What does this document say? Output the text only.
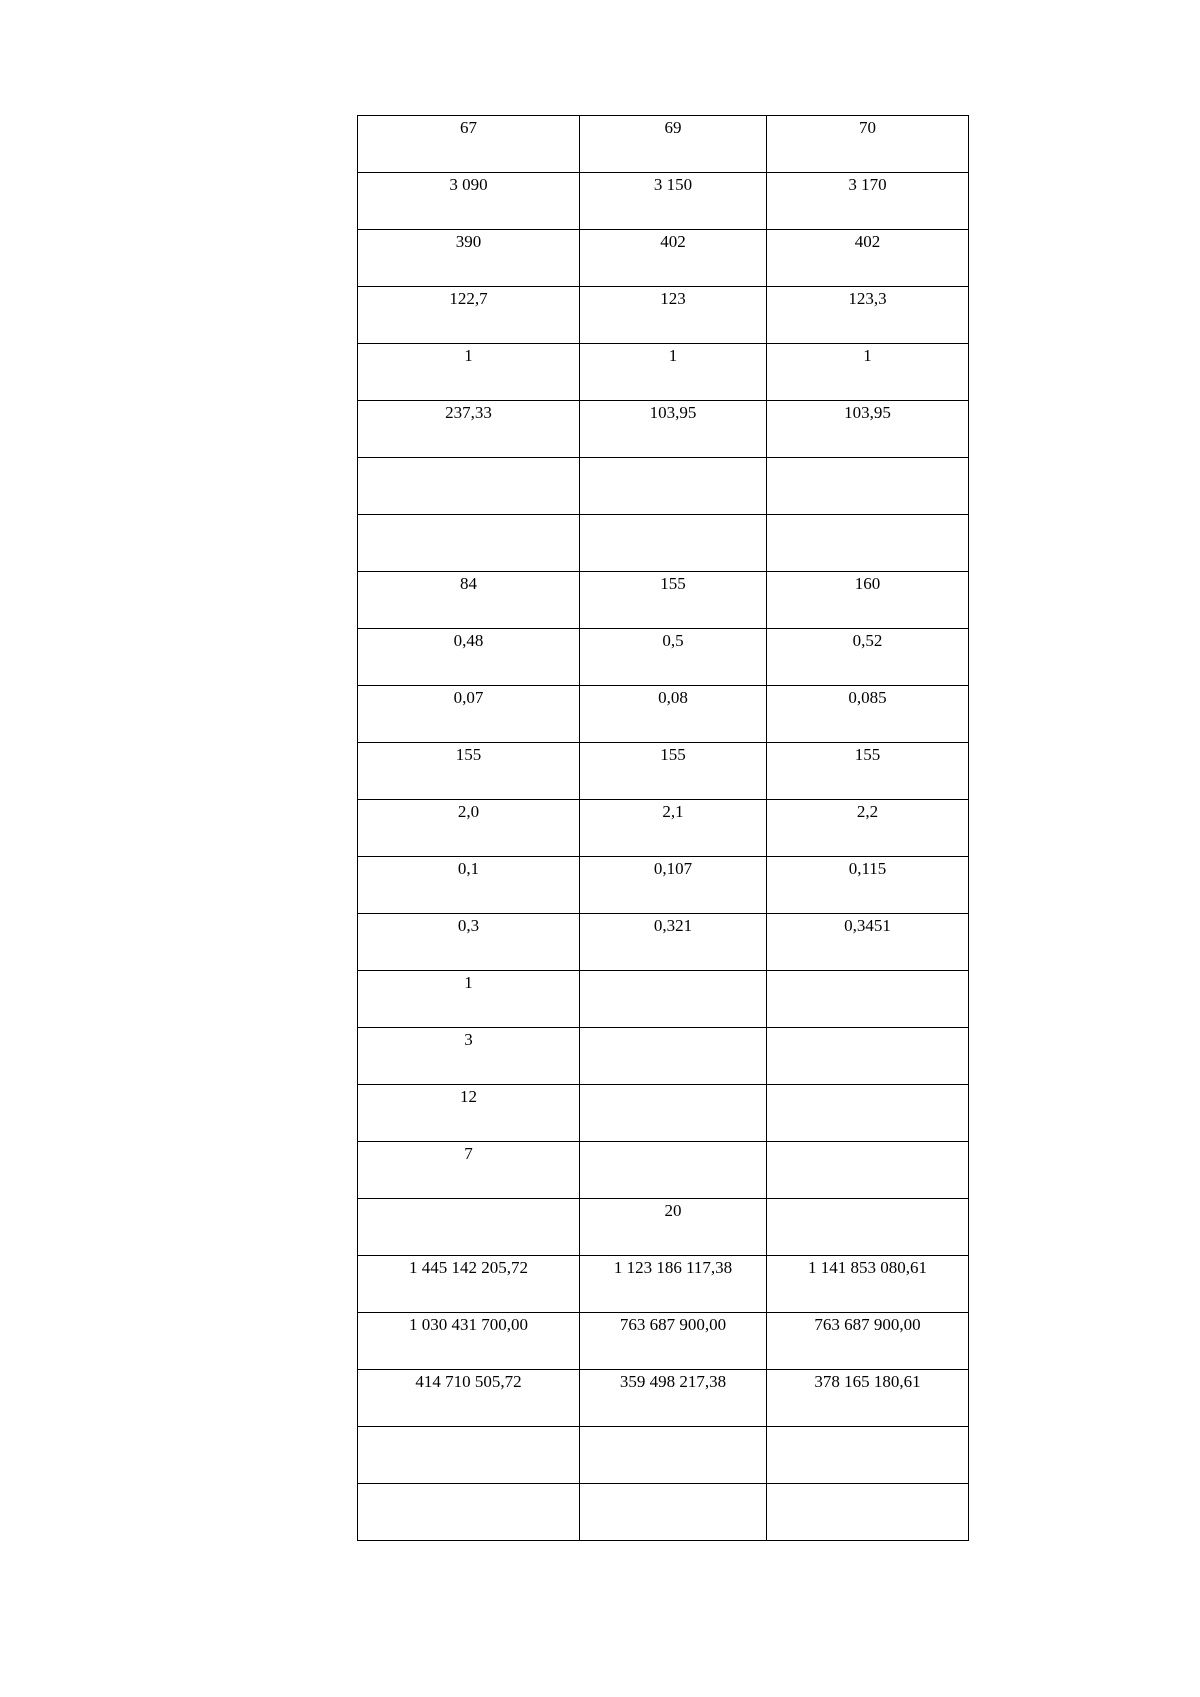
67	69	70

3 090	3 150	3 170

390	402	402

122,7	123	123,3

1	1	1

237,33	103,95	103,95

84	155	160

0,48	0,5	0,52

0,07	0,08	0,085

155	155	155

2,0	2,1	2,2

0,1	0,107	0,115

0,3	0,321	0,3451

1		

3		

12		

7		

	20	

1 445 142 205,72	1 123 186 117,38	1 141 853 080,61

1 030 431 700,00	763 687 900,00	763 687 900,00

414 710 505,72	359 498 217,38	378 165 180,61
